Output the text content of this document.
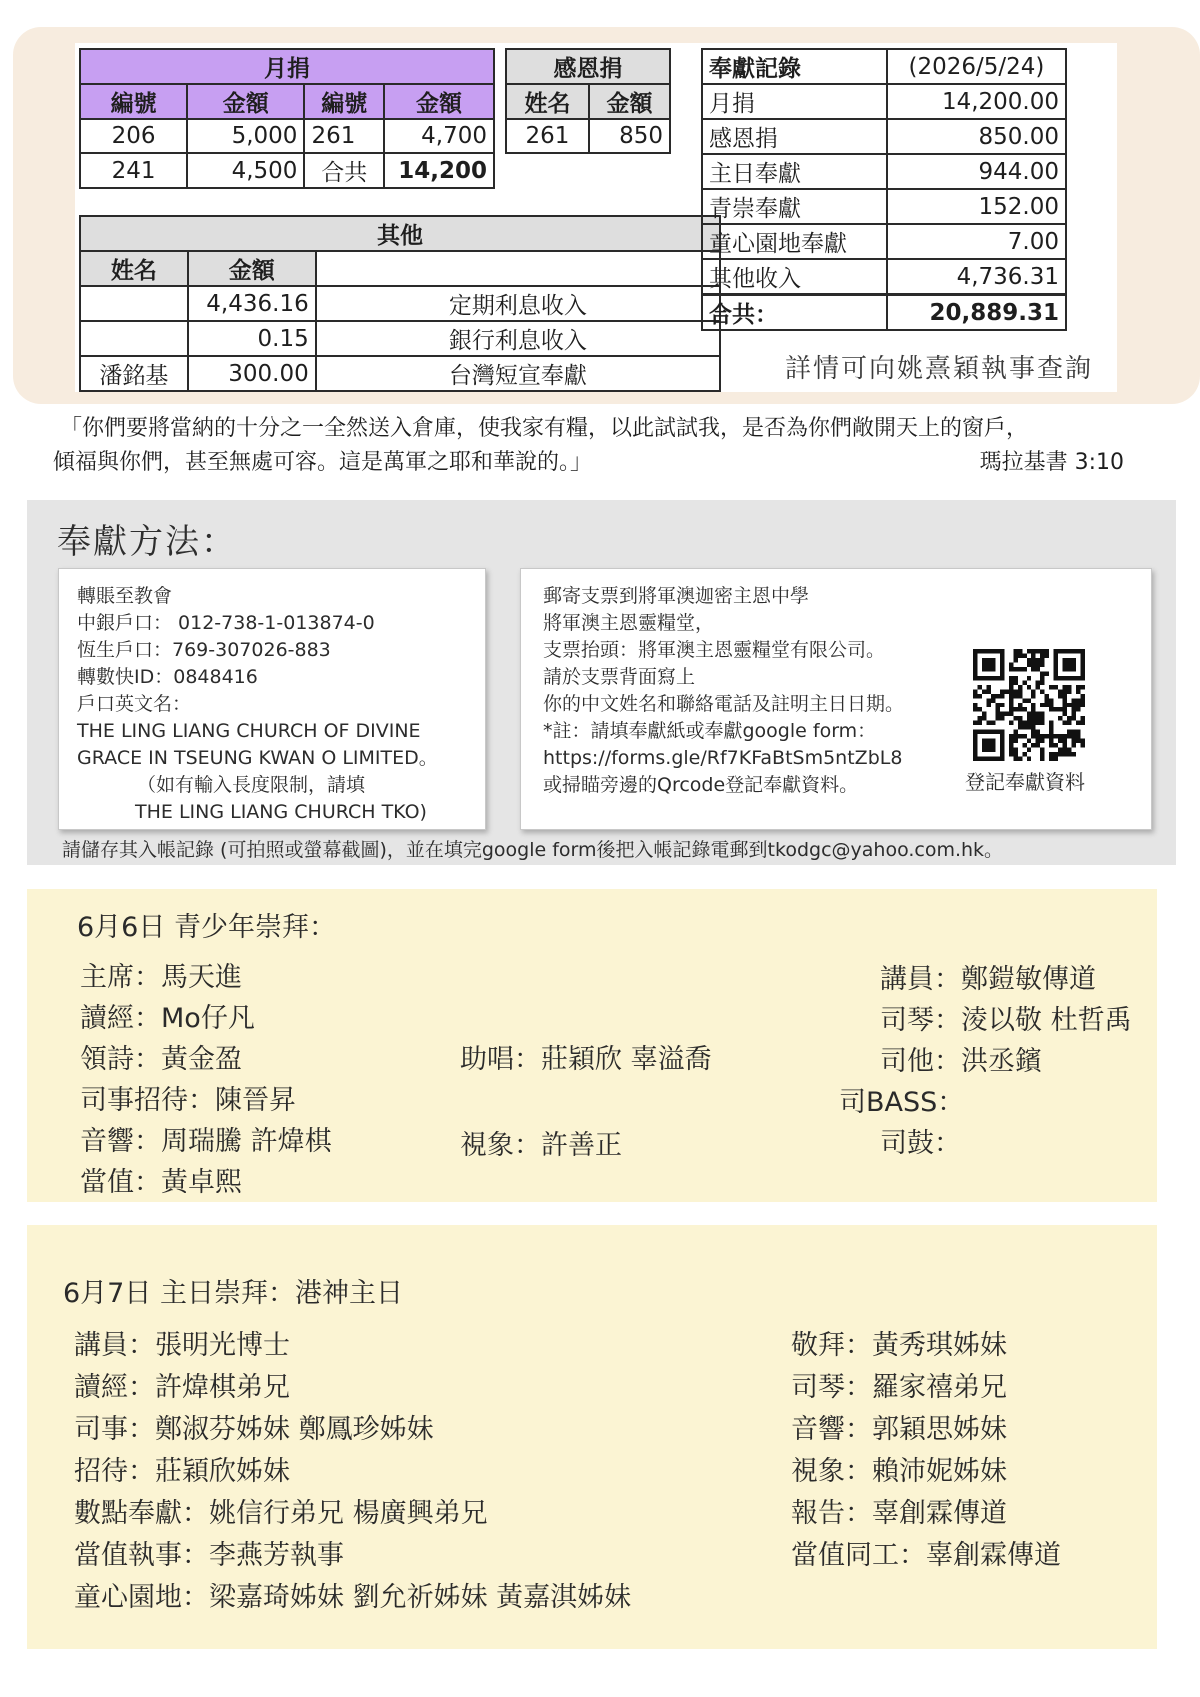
月捐			
編號	金額	編號	金額
206	5,000	261	4,700
241	4,500	合共	14,200
感恩捐	
姓名	金額
261	850
其他		
姓名	金額	
	4,436.16	定期利息收入
	0.15	銀行利息收入
潘銘基	300.00	台灣短宣奉獻
奉獻記錄	(2026/5/24)
月捐	14,200.00
感恩捐	850.00
主日奉獻	944.00
青崇奉獻	152.00
童心園地奉獻	7.00
其他收入	4,736.31
合共：	20,889.31
詳情可向姚熹穎執事查詢
「你們要將當納的十分之一全然送入倉庫，使我家有糧，以此試試我，是否為你們敞開天上的窗戶，
傾福與你們，甚至無處可容。這是萬軍之耶和華說的。」	瑪拉基書 3:10
奉獻方法：
轉賬至教會
中銀戶口： 012-738-1-013874-0
恆生戶口：769-307026-883
轉數快ID：0848416
戶口英文名：
THE LING LIANG CHURCH OF DIVINE
GRACE IN TSEUNG KWAN O LIMITED。
（如有輸入長度限制，請填
THE LING LIANG CHURCH TKO)
郵寄支票到將軍澳迦密主恩中學
將軍澳主恩靈糧堂，
支票抬頭：將軍澳主恩靈糧堂有限公司。
請於支票背面寫上
你的中文姓名和聯絡電話及註明主日日期。
*註：請填奉獻紙或奉獻google form：
https://forms.gle/Rf7KFaBtSm5ntZbL8
或掃瞄旁邊的Qrcode登記奉獻資料。	登記奉獻資料
請儲存其入帳記錄 (可拍照或螢幕截圖)，並在填完google form後把入帳記錄電郵到tkodgc@yahoo.com.hk。
6月6日 青少年崇拜：
主席：馬天進
讀經：Mo仔凡
領詩：黃金盈
司事招待：陳晉昇
音響：周瑞騰 許煒棋
當值：黃卓熙
助唱：莊穎欣 辜溢喬
視象：許善正
講員：鄭鎧敏傳道
司琴：淩以敬 杜哲禹
司他：洪丞鑌
司BASS：
司鼓：
6月7日 主日崇拜：港神主日
講員：張明光博士
讀經：許煒棋弟兄
司事：鄭淑芬姊妹 鄭鳳珍姊妹
招待：莊穎欣姊妹
數點奉獻：姚信行弟兄 楊廣興弟兄
當值執事：李燕芳執事
童心園地：梁嘉琦姊妹 劉允祈姊妹 黃嘉淇姊妹
敬拜：黃秀琪姊妹
司琴：羅家禧弟兄
音響：郭穎思姊妹
視象：賴沛妮姊妹
報告：辜創霖傳道
當值同工：辜創霖傳道
